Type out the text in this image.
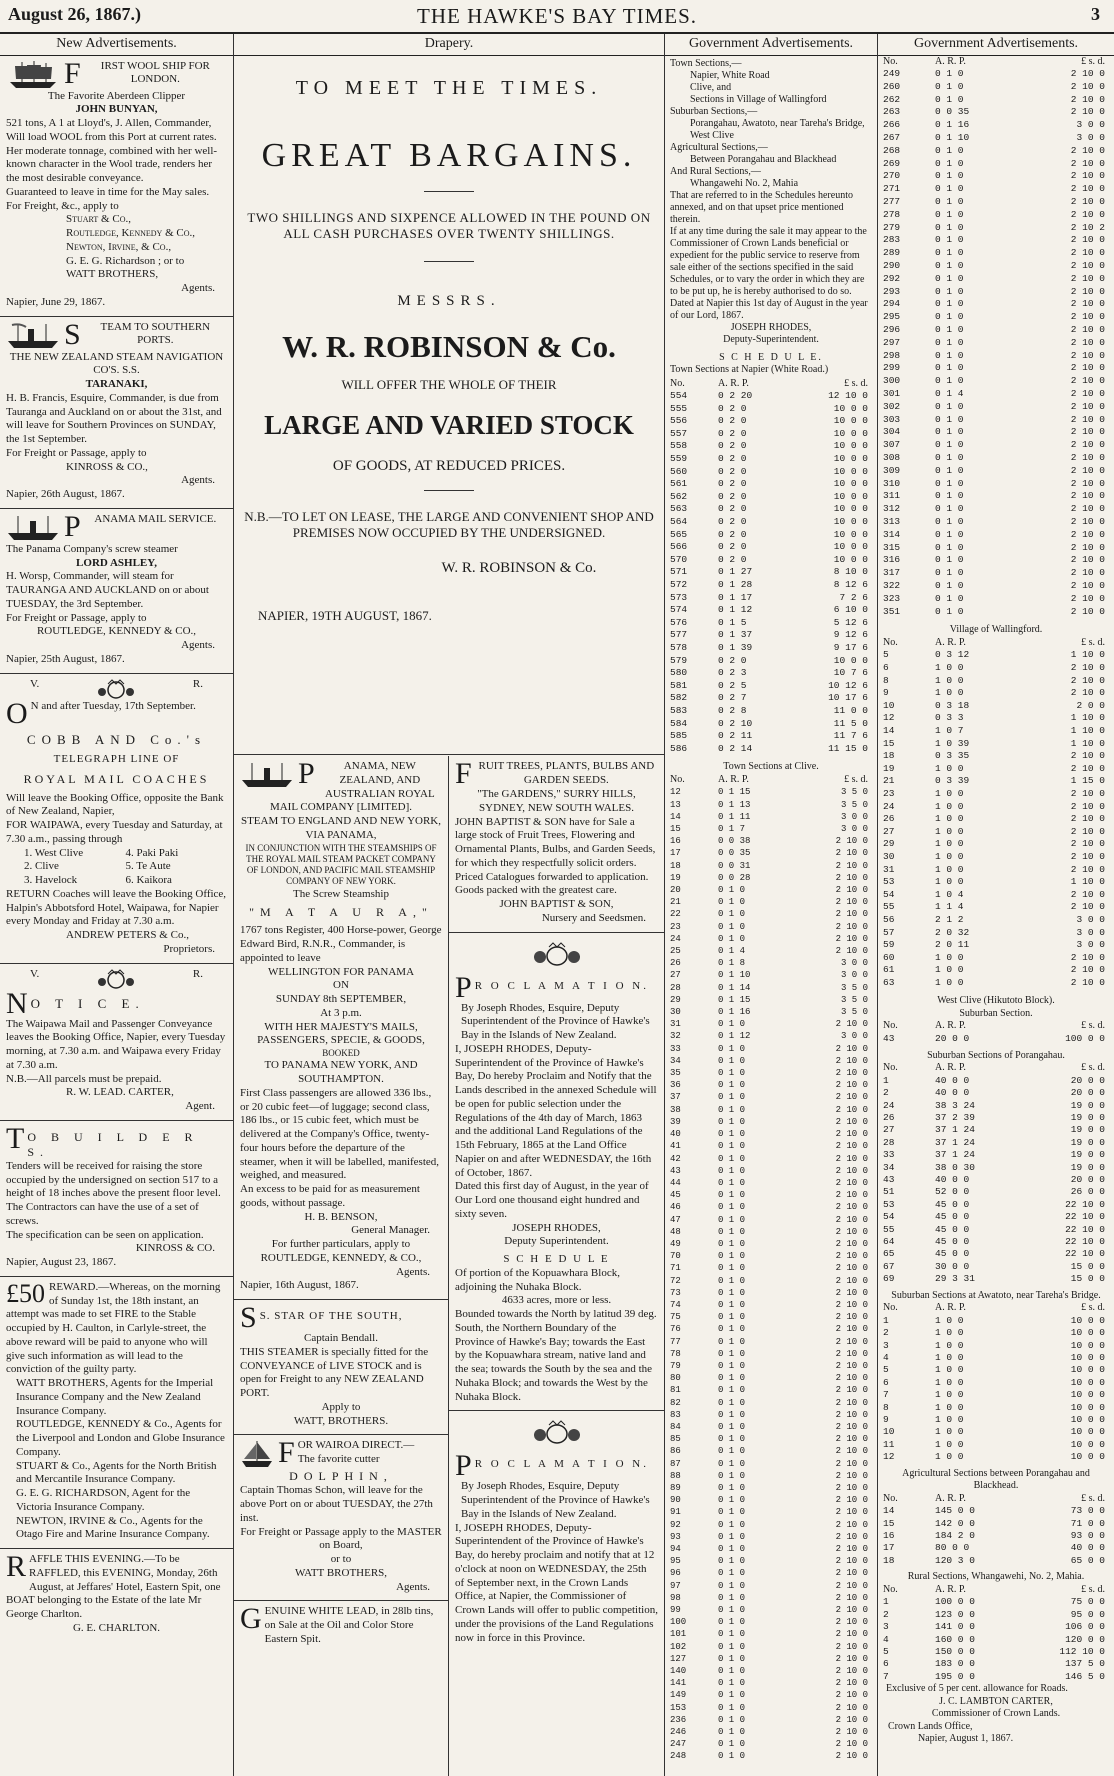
August 26, 1867.)	THE HAWKE'S BAY TIMES.	3
New Advertisements.
F	IRST WOOL SHIP FOR LONDON.
The Favorite Aberdeen Clipper
JOHN BUNYAN,
521 tons, A 1 at Lloyd's, J. Allen, Commander,
Will load WOOL from this Port at current rates.
Her moderate tonnage, combined with her well-known character in the Wool trade, renders her the most desirable conveyance.
Guaranteed to leave in time for the May sales.
For Freight, &c., apply to
Stuart & Co.,
Routledge, Kennedy & Co.,
Newton, Irvine, & Co.,
G. E. G. Richardson ; or to
WATT BROTHERS,
Agents.
Napier, June 29, 1867.
S	TEAM TO SOUTHERN PORTS.
THE NEW ZEALAND STEAM NAVIGATION CO'S. S.S.
TARANAKI,
H. B. Francis, Esquire, Commander, is due from Tauranga and Auckland on or about the 31st, and will leave for Southern Provinces on SUNDAY, the 1st September.
For Freight or Passage, apply to
KINROSS & CO.,
Agents.
Napier, 26th August, 1867.
P	ANAMA MAIL SERVICE.
The Panama Company's screw steamer
LORD ASHLEY,
H. Worsp, Commander, will steam for TAURANGA AND AUCKLAND on or about TUESDAY, the 3rd September.
For Freight or Passage, apply to
ROUTLEDGE, KENNEDY & CO.,
Agents.
Napier, 25th August, 1867.
V.	R.
O N and after Tuesday, 17th September.
COBB AND Co.'s
TELEGRAPH LINE OF
ROYAL MAIL COACHES
Will leave the Booking Office, opposite the Bank of New Zealand, Napier,
FOR WAIPAWA, every Tuesday and Saturday, at 7.30 a.m., passing through
1. West Clive	4. Paki Paki
2. Clive	5. Te Aute
3. Havelock	6. Kaikora
RETURN Coaches will leave the Booking Office, Halpin's Abbotsford Hotel, Waipawa, for Napier every Monday and Friday at 7.30 a.m.
ANDREW PETERS & Co.,
Proprietors.
V.	R.
N O T I C E.
The Waipawa Mail and Passenger Conveyance leaves the Booking Office, Napier, every Tuesday morning, at 7.30 a.m. and Waipawa every Friday at 7.30 a.m.
N.B.—All parcels must be prepaid.
R. W. LEAD. CARTER,
Agent.
T O B U I L D E R S.
Tenders will be received for raising the store occupied by the undersigned on section 517 to a height of 18 inches above the present floor level. The Contractors can have the use of a set of screws.
The specification can be seen on application.
KINROSS & CO.
Napier, August 23, 1867.
£50 REWARD.—Whereas, on the morning of Sunday 1st, the 18th instant, an attempt was made to set FIRE to the Stable occupied by H. Caulton, in Carlyle-street, the above reward will be paid to anyone who will give such information as will lead to the conviction of the guilty party.
WATT BROTHERS, Agents for the Imperial Insurance Company and the New Zealand Insurance Company.
ROUTLEDGE, KENNEDY & Co., Agents for the Liverpool and London and Globe Insurance Company.
STUART & Co., Agents for the North British and Mercantile Insurance Company.
G. E. G. RICHARDSON, Agent for the Victoria Insurance Company.
NEWTON, IRVINE & Co., Agents for the Otago Fire and Marine Insurance Company.
R AFFLE THIS EVENING.—To be RAFFLED, this EVENING, Monday, 26th August, at Jeffares' Hotel, Eastern Spit, one BOAT belonging to the Estate of the late Mr George Charlton.
G. E. CHARLTON.
Drapery.
TO MEET THE TIMES.
GREAT BARGAINS.
TWO SHILLINGS AND SIXPENCE ALLOWED IN THE POUND ON ALL CASH PURCHASES OVER TWENTY SHILLINGS.
MESSRS.
W. R. ROBINSON & Co.
WILL OFFER THE WHOLE OF THEIR
LARGE AND VARIED STOCK
OF GOODS, AT REDUCED PRICES.
N.B.—TO LET ON LEASE, THE LARGE AND CONVENIENT SHOP AND PREMISES NOW OCCUPIED BY THE UNDERSIGNED.
W. R. ROBINSON & Co.
NAPIER, 19TH AUGUST, 1867.
P	ANAMA, NEW ZEALAND, AND AUSTRALIAN ROYAL MAIL COMPANY [LIMITED].
STEAM TO ENGLAND AND NEW YORK, VIA PANAMA,
IN CONJUNCTION WITH THE STEAMSHIPS OF THE ROYAL MAIL STEAM PACKET COMPANY OF LONDON, AND PACIFIC MAIL STEAMSHIP COMPANY OF NEW YORK.
The Screw Steamship
"M A T A U R A,"
1767 tons Register, 400 Horse-power, George Edward Bird, R.N.R., Commander, is appointed to leave
WELLINGTON FOR PANAMA
ON
SUNDAY 8th SEPTEMBER,
At 3 p.m.
WITH HER MAJESTY'S MAILS,
PASSENGERS, SPECIE, & GOODS,
BOOKED
TO PANAMA NEW YORK, AND SOUTHAMPTON.
First Class passengers are allowed 336 lbs., or 20 cubic feet—of luggage; second class, 186 lbs., or 15 cubic feet, which must be delivered at the Company's Office, twenty-four hours before the departure of the steamer, when it will be labelled, manifested, weighed, and measured.
An excess to be paid for as measurement goods, without passage.
H. B. BENSON,
General Manager.
For further particulars, apply to
ROUTLEDGE, KENNEDY, & CO.,
Agents.
Napier, 16th August, 1867.
S S. STAR OF THE SOUTH,
Captain Bendall.
THIS STEAMER is specially fitted for the CONVEYANCE of LIVE STOCK and is open for Freight to any NEW ZEALAND PORT.
Apply to
WATT, BROTHERS.
F OR WAIROA DIRECT.—
The favorite cutter
DOLPHIN,
Captain Thomas Schon, will leave for the above Port on or about TUESDAY, the 27th inst.
For Freight or Passage apply to the MASTER on Board,
or to
WATT BROTHERS,
Agents.
G ENUINE WHITE LEAD, in 28lb tins, on Sale at the Oil and Color Store Eastern Spit.
F RUIT TREES, PLANTS, BULBS AND GARDEN SEEDS.
"The GARDENS," SURRY HILLS, SYDNEY, NEW SOUTH WALES.
JOHN BAPTIST & SON have for Sale a large stock of Fruit Trees, Flowering and Ornamental Plants, Bulbs, and Garden Seeds, for which they respectfully solicit orders. Priced Catalogues forwarded to application. Goods packed with the greatest care.
JOHN BAPTIST & SON,
Nursery and Seedsmen.
P R O C L A M A T I O N.
By Joseph Rhodes, Esquire, Deputy Superintendent of the Province of Hawke's Bay in the Islands of New Zealand.
I, JOSEPH RHODES, Deputy-Superintendent of the Province of Hawke's Bay, Do hereby Proclaim and Notify that the Lands described in the annexed Schedule will be open for public selection under the Regulations of the 4th day of March, 1863 and the additional Land Regulations of the 15th February, 1865 at the Land Office Napier on and after WEDNESDAY, the 16th of October, 1867.
Dated this first day of August, in the year of Our Lord one thousand eight hundred and sixty seven.
JOSEPH RHODES,
Deputy Superintendent.
S C H E D U L E
Of portion of the Kopuawhara Block, adjoining the Nuhaka Block.
4633 acres, more or less.
Bounded towards the North by latitud 39 deg. South, the Northern Boundary of the Province of Hawke's Bay; towards the East by the Kopuawhara stream, native land and the sea; towards the South by the sea and the Nuhaka Block; and towards the West by the Nuhaka Block.
P R O C L A M A T I O N.
By Joseph Rhodes, Esquire, Deputy Superintendent of the Province of Hawke's Bay in the Islands of New Zealand.
I, JOSEPH RHODES, Deputy-Superintendent of the Province of Hawke's Bay, do hereby proclaim and notify that at 12 o'clock at noon on WEDNESDAY, the 25th of September next, in the Crown Lands Office, at Napier, the Commissioner of Crown Lands will offer to public competition, under the provisions of the Land Regulations now in force in this Province.
Government Advertisements.
Town Sections,—
Napier, White Road
Clive, and
Sections in Village of Wallingford
Suburban Sections,—
Porangahau, Awatoto, near Tareha's Bridge, West Clive
Agricultural Sections,—
Between Porangahau and Blackhead
And Rural Sections,—
Whangawehi No. 2, Mahia
That are referred to in the Schedules hereunto annexed, and on that upset price mentioned therein.
If at any time during the sale it may appear to the Commissioner of Crown Lands beneficial or expedient for the public service to reserve from sale either of the sections specified in the said Schedules, or to vary the order in which they are to be put up, he is hereby authorised to do so.
Dated at Napier this 1st day of August in the year of our Lord, 1867.
JOSEPH RHODES,
Deputy-Superintendent.
S C H E D U L E.
Town Sections at Napier (White Road.)
No.	A. R. P.	£ s. d.
554	0 2 20	12 10 0
555	0 2 0	10 0 0
556	0 2 0	10 0 0
557	0 2 0	10 0 0
558	0 2 0	10 0 0
559	0 2 0	10 0 0
560	0 2 0	10 0 0
561	0 2 0	10 0 0
562	0 2 0	10 0 0
563	0 2 0	10 0 0
564	0 2 0	10 0 0
565	0 2 0	10 0 0
566	0 2 0	10 0 0
570	0 2 0	10 0 0
571	0 1 27	8 10 0
572	0 1 28	8 12 6
573	0 1 17	7 2 6
574	0 1 12	6 10 0
576	0 1 5	5 12 6
577	0 1 37	9 12 6
578	0 1 39	9 17 6
579	0 2 0	10 0 0
580	0 2 3	10 7 6
581	0 2 5	10 12 6
582	0 2 7	10 17 6
583	0 2 8	11 0 0
584	0 2 10	11 5 0
585	0 2 11	11 7 6
586	0 2 14	11 15 0
Town Sections at Clive.
No.	A. R. P.	£ s. d.
12	0 1 15	3 5 0
13	0 1 13	3 5 0
14	0 1 11	3 0 0
15	0 1 7	3 0 0
16	0 0 38	2 10 0
17	0 0 35	2 10 0
18	0 0 31	2 10 0
19	0 0 28	2 10 0
20	0 1 0	2 10 0
21	0 1 0	2 10 0
22	0 1 0	2 10 0
23	0 1 0	2 10 0
24	0 1 0	2 10 0
25	0 1 4	2 10 0
26	0 1 8	3 0 0
27	0 1 10	3 0 0
28	0 1 14	3 5 0
29	0 1 15	3 5 0
30	0 1 16	3 5 0
31	0 1 0	2 10 0
32	0 1 12	3 0 0
33	0 1 0	2 10 0
34	0 1 0	2 10 0
35	0 1 0	2 10 0
36	0 1 0	2 10 0
37	0 1 0	2 10 0
38	0 1 0	2 10 0
39	0 1 0	2 10 0
40	0 1 0	2 10 0
41	0 1 0	2 10 0
42	0 1 0	2 10 0
43	0 1 0	2 10 0
44	0 1 0	2 10 0
45	0 1 0	2 10 0
46	0 1 0	2 10 0
47	0 1 0	2 10 0
48	0 1 0	2 10 0
49	0 1 0	2 10 0
70	0 1 0	2 10 0
71	0 1 0	2 10 0
72	0 1 0	2 10 0
73	0 1 0	2 10 0
74	0 1 0	2 10 0
75	0 1 0	2 10 0
76	0 1 0	2 10 0
77	0 1 0	2 10 0
78	0 1 0	2 10 0
79	0 1 0	2 10 0
80	0 1 0	2 10 0
81	0 1 0	2 10 0
82	0 1 0	2 10 0
83	0 1 0	2 10 0
84	0 1 0	2 10 0
85	0 1 0	2 10 0
86	0 1 0	2 10 0
87	0 1 0	2 10 0
88	0 1 0	2 10 0
89	0 1 0	2 10 0
90	0 1 0	2 10 0
91	0 1 0	2 10 0
92	0 1 0	2 10 0
93	0 1 0	2 10 0
94	0 1 0	2 10 0
95	0 1 0	2 10 0
96	0 1 0	2 10 0
97	0 1 0	2 10 0
98	0 1 0	2 10 0
99	0 1 0	2 10 0
100	0 1 0	2 10 0
101	0 1 0	2 10 0
102	0 1 0	2 10 0
127	0 1 0	2 10 0
140	0 1 0	2 10 0
141	0 1 0	2 10 0
149	0 1 0	2 10 0
153	0 1 0	2 10 0
236	0 1 0	2 10 0
246	0 1 0	2 10 0
247	0 1 0	2 10 0
248	0 1 0	2 10 0
Government Advertisements.
No.	A. R. P.	£ s. d.
249	0 1 0	2 10 0
260	0 1 0	2 10 0
262	0 1 0	2 10 0
263	0 0 35	2 10 0
266	0 1 16	3 0 0
267	0 1 10	3 0 0
268	0 1 0	2 10 0
269	0 1 0	2 10 0
270	0 1 0	2 10 0
271	0 1 0	2 10 0
277	0 1 0	2 10 0
278	0 1 0	2 10 0
279	0 1 0	2 10 2
283	0 1 0	2 10 0
289	0 1 0	2 10 0
290	0 1 0	2 10 0
292	0 1 0	2 10 0
293	0 1 0	2 10 0
294	0 1 0	2 10 0
295	0 1 0	2 10 0
296	0 1 0	2 10 0
297	0 1 0	2 10 0
298	0 1 0	2 10 0
299	0 1 0	2 10 0
300	0 1 0	2 10 0
301	0 1 4	2 10 0
302	0 1 0	2 10 0
303	0 1 0	2 10 0
304	0 1 0	2 10 0
307	0 1 0	2 10 0
308	0 1 0	2 10 0
309	0 1 0	2 10 0
310	0 1 0	2 10 0
311	0 1 0	2 10 0
312	0 1 0	2 10 0
313	0 1 0	2 10 0
314	0 1 0	2 10 0
315	0 1 0	2 10 0
316	0 1 0	2 10 0
317	0 1 0	2 10 0
322	0 1 0	2 10 0
323	0 1 0	2 10 0
351	0 1 0	2 10 0
Village of Wallingford.
No.	A. R. P.	£ s. d.
5	0 3 12	1 10 0
6	1 0 0	2 10 0
8	1 0 0	2 10 0
9	1 0 0	2 10 0
10	0 3 18	2 0 0
12	0 3 3	1 10 0
14	1 0 7	1 10 0
15	1 0 39	1 10 0
18	0 3 35	2 10 0
19	1 0 0	2 10 0
21	0 3 39	1 15 0
23	1 0 0	2 10 0
24	1 0 0	2 10 0
26	1 0 0	2 10 0
27	1 0 0	2 10 0
29	1 0 0	2 10 0
30	1 0 0	2 10 0
31	1 0 0	2 10 0
53	1 0 0	1 10 0
54	1 0 4	2 10 0
55	1 1 4	2 10 0
56	2 1 2	3 0 0
57	2 0 32	3 0 0
59	2 0 11	3 0 0
60	1 0 0	2 10 0
61	1 0 0	2 10 0
63	1 0 0	2 10 0
West Clive (Hikutoto Block).
Suburban Section.
No.	A. R. P.	£ s. d.
43	20 0 0	100 0 0
Suburban Sections of Porangahau.
No.	A. R. P.	£ s. d.
1	40 0 0	20 0 0
2	40 0 0	20 0 0
24	38 3 24	19 0 0
26	37 2 39	19 0 0
27	37 1 24	19 0 0
28	37 1 24	19 0 0
33	37 1 24	19 0 0
34	38 0 30	19 0 0
43	40 0 0	20 0 0
51	52 0 0	26 0 0
53	45 0 0	22 10 0
54	45 0 0	22 10 0
55	45 0 0	22 10 0
64	45 0 0	22 10 0
65	45 0 0	22 10 0
67	30 0 0	15 0 0
69	29 3 31	15 0 0
Suburban Sections at Awatoto, near Tareha's Bridge.
No.	A. R. P.	£ s. d.
1	1 0 0	10 0 0
2	1 0 0	10 0 0
3	1 0 0	10 0 0
4	1 0 0	10 0 0
5	1 0 0	10 0 0
6	1 0 0	10 0 0
7	1 0 0	10 0 0
8	1 0 0	10 0 0
9	1 0 0	10 0 0
10	1 0 0	10 0 0
11	1 0 0	10 0 0
12	1 0 0	10 0 0
Agricultural Sections between Porangahau and Blackhead.
No.	A. R. P.	£ s. d.
14	145 0 0	73 0 0
15	142 0 0	71 0 0
16	184 2 0	93 0 0
17	80 0 0	40 0 0
18	120 3 0	65 0 0
Rural Sections, Whangawehi, No. 2, Mahia.
No.	A. R. P.	£ s. d.
1	100 0 0	75 0 0
2	123 0 0	95 0 0
3	141 0 0	106 0 0
4	160 0 0	120 0 0
5	150 0 0	112 10 0
6	183 0 0	137 5 0
7	195 0 0	146 5 0
Exclusive of 5 per cent. allowance for Roads.
J. C. LAMBTON CARTER,
Commissioner of Crown Lands.
Crown Lands Office,
Napier, August 1, 1867.
